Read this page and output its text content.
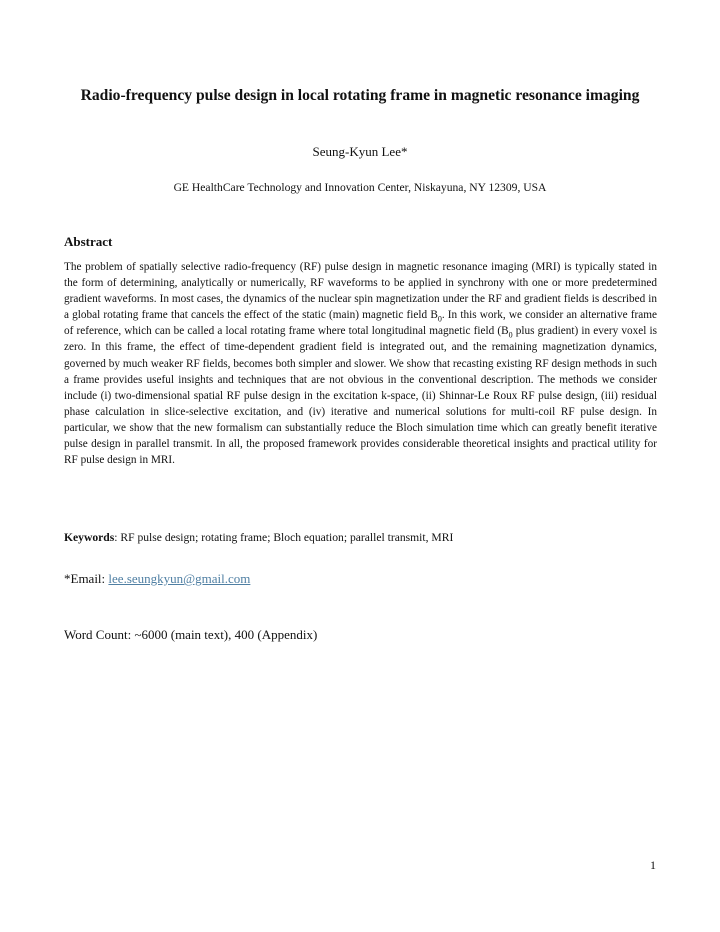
Radio-frequency pulse design in local rotating frame in magnetic resonance imaging
Seung-Kyun Lee*
GE HealthCare Technology and Innovation Center, Niskayuna, NY 12309, USA
Abstract
The problem of spatially selective radio-frequency (RF) pulse design in magnetic resonance imaging (MRI) is typically stated in the form of determining, analytically or numerically, RF waveforms to be applied in synchrony with one or more predetermined gradient waveforms. In most cases, the dynamics of the nuclear spin magnetization under the RF and gradient fields is described in a global rotating frame that cancels the effect of the static (main) magnetic field $B_0$. In this work, we consider an alternative frame of reference, which can be called a local rotating frame where total longitudinal magnetic field ($B_0$ plus gradient) in every voxel is zero. In this frame, the effect of time-dependent gradient field is integrated out, and the remaining magnetization dynamics, governed by much weaker RF fields, becomes both simpler and slower. We show that recasting existing RF design methods in such a frame provides useful insights and techniques that are not obvious in the conventional description. The methods we consider include (i) two-dimensional spatial RF pulse design in the excitation k-space, (ii) Shinnar-Le Roux RF pulse design, (iii) residual phase calculation in slice-selective excitation, and (iv) iterative and numerical solutions for multi-coil RF pulse design. In particular, we show that the new formalism can substantially reduce the Bloch simulation time which can greatly benefit iterative pulse design in parallel transmit. In all, the proposed framework provides considerable theoretical insights and practical utility for RF pulse design in MRI.
Keywords: RF pulse design; rotating frame; Bloch equation; parallel transmit, MRI
*Email: lee.seungkyun@gmail.com
Word Count: ~6000 (main text), 400 (Appendix)
1
